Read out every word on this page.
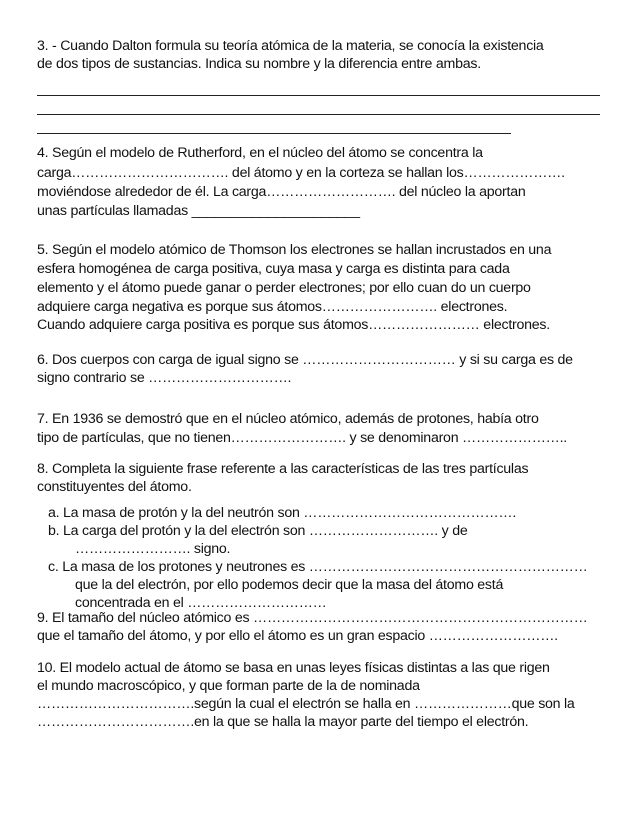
3. - Cuando Dalton formula su teoría atómica de la materia, se conocía la existencia
de dos tipos de sustancias. Indica su nombre y la diferencia entre ambas.
4. Según el modelo de Rutherford, en el núcleo del átomo se concentra la
carga……………………………. del átomo y en la corteza se hallan los………………….
moviéndose alrededor de él. La carga………………………. del núcleo la aportan
unas partículas llamadas ______________________
5. Según el modelo atómico de Thomson los electrones se hallan incrustados en una
esfera homogénea de carga positiva, cuya masa y carga es distinta para cada
elemento y el átomo puede ganar o perder electrones; por ello cuan do un cuerpo
adquiere carga negativa es porque sus átomos……………………. electrones.
Cuando adquiere carga positiva es porque sus átomos…………………… electrones.
6. Dos cuerpos con carga de igual signo se …………………………… y si su carga es de
signo contrario se ………………………….
7. En 1936 se demostró que en el núcleo atómico, además de protones, había otro
tipo de partículas, que no tienen……………………. y se denominaron …………………..
8. Completa la siguiente frase referente a las características de las tres partículas
constituyentes del átomo.
a. La masa de protón y la del neutrón son ……………………………………….
b. La carga del protón y la del electrón son ………………………. y de
……………………. signo.
c. La masa de los protones y neutrones es ……………………………………………………
que la del electrón, por ello podemos decir que la masa del átomo está
concentrada en el …………………………
9. El tamaño del núcleo atómico es ………………………………………………………………
que el tamaño del átomo, y por ello el átomo es un gran espacio ……………………….
10. El modelo actual de átomo se basa en unas leyes físicas distintas a las que rigen
el mundo macroscópico, y que forman parte de la de nominada
…………………………….según la cual el electrón se halla en …………………que son la
…………………………….en la que se halla la mayor parte del tiempo el electrón.
